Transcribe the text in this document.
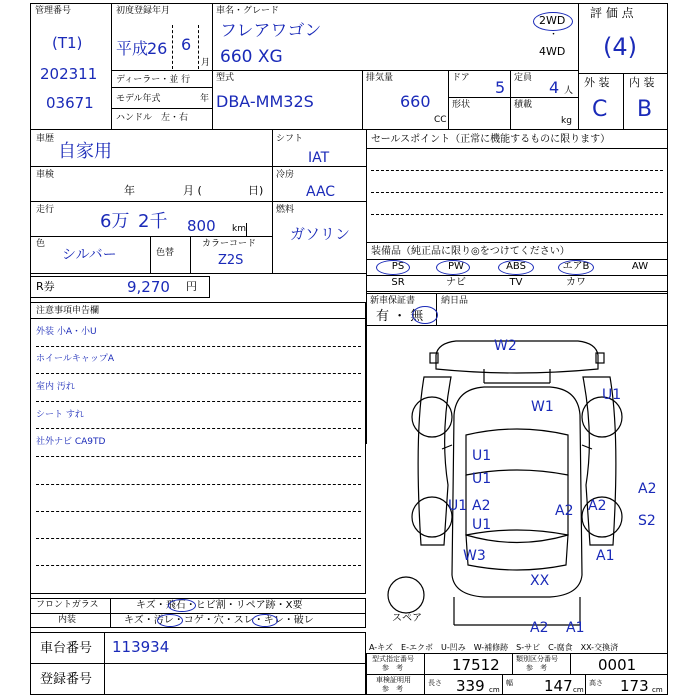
管理番号
(T1)
202311
03671
初度登録年月
平成
26 6
月
車名・グレード
フレアワゴン
660 XG
2WD
・
4WD
評 価 点
(4)
外 装 内 装
C B
ディーラー・並 行
モデル年式	年
ハンドル　左・右
型式
DBA-MM32S
排気量
660
CC
ドア 5
形状
定員 4 人
積載
kg
車歴
自家用
車検
年	月 (	日)
走行
6万 2千 800 km
色
シルバー	色替
カラーコード
Z2S
シフト
IAT
冷房
AAC
燃料
ガソリン
R券	9,270 円
注意事項申告欄
外装 小A・小U
ホイールキャップA
室内 汚れ
シート すれ
社外ナビ CA9TD
セールスポイント（正常に機能するものに限ります）
装備品（純正品に限り◎をつけてください）
PS	PW	ABS	エアB	AW
SR	ナビ	TV	カワ
新車保証書
有 ・ 無
納日品
W2
W1
U1
U1
U1
U1 A2
U1
A2 A2
S2
W3	A1
XX
A2 A1
A2
スペア
A-キズ　E-エクボ　U-凹み　W-補修跡　S-サビ　C-腐食　XX-交換済
フロントガラス	キズ・飛石・ヒビ割・リペア跡・X要
内装	キズ・汚レ・コゲ・穴・スレ・キレ・破レ
車台番号 113934
登録番号
型式指定番号
参　考	17512 類別区分番号
参　考	0001
車検証明用
参　考
長さ 339 cm
幅 147 cm
高さ 173 cm
